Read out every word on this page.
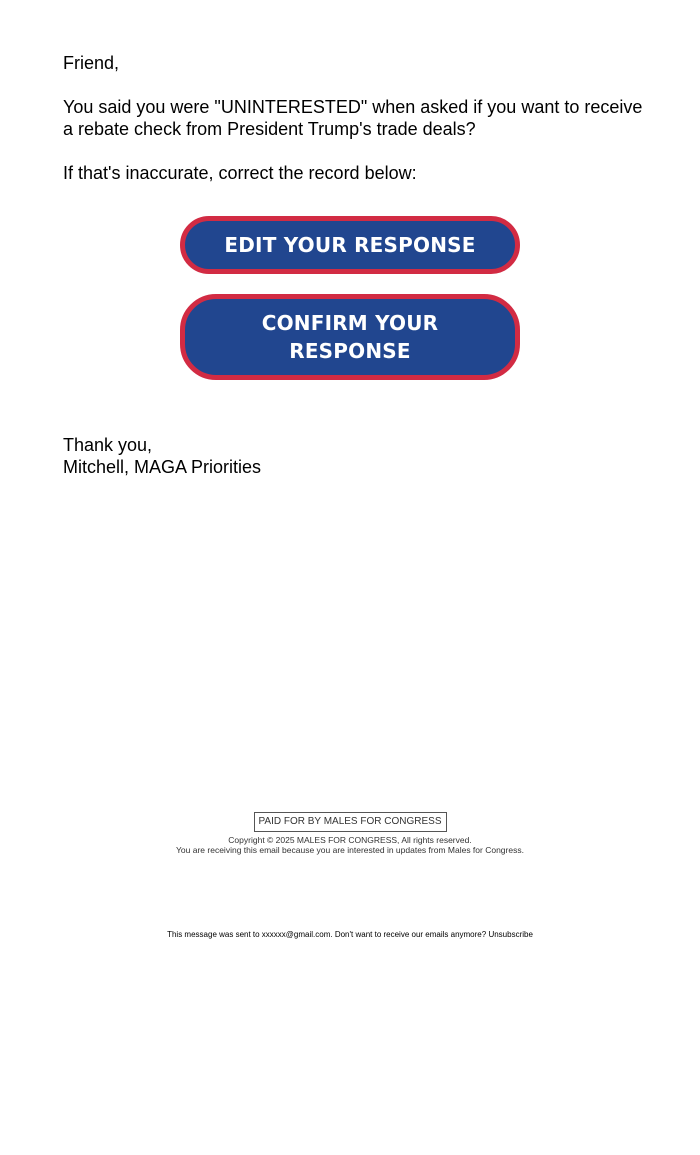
Friend,

You said you were "UNINTERESTED" when asked if you want to receive a rebate check from President Trump's trade deals?

If that's inaccurate, correct the record below:

EDIT YOUR RESPONSE
CONFIRM YOUR RESPONSE
Thank you,
Mitchell, MAGA Priorities
PAID FOR BY MALES FOR CONGRESS
Copyright © 2025 MALES FOR CONGRESS, All rights reserved.
You are receiving this email because you are interested in updates from Males for Congress.
This message was sent to xxxxxx@gmail.com. Don't want to receive our emails anymore? Unsubscribe
